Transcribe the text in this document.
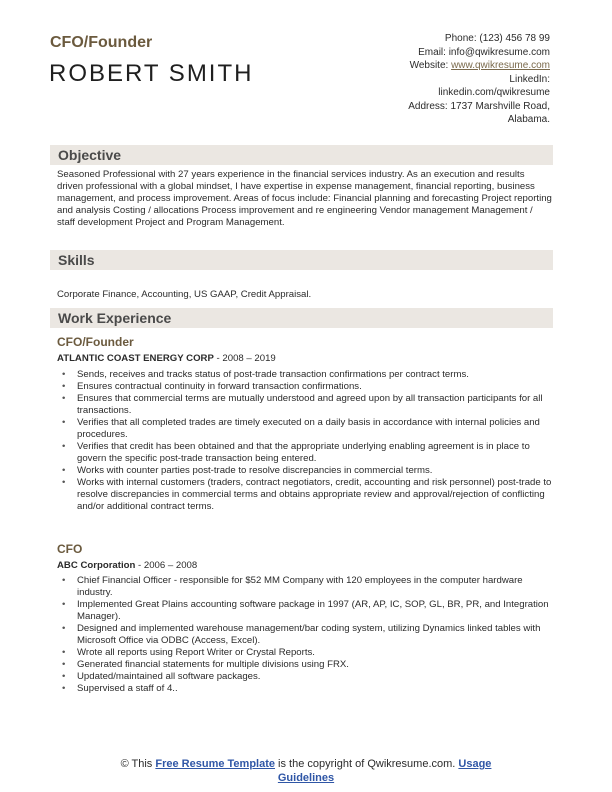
CFO/Founder
ROBERT SMITH
Phone: (123) 456 78 99
Email: info@qwikresume.com
Website: www.qwikresume.com
LinkedIn:
linkedin.com/qwikresume
Address: 1737 Marshville Road,
Alabama.
Objective
Seasoned Professional with 27 years experience in the financial services industry. As an execution and results driven professional with a global mindset, I have expertise in expense management, financial reporting, business management, and process improvement. Areas of focus include: Financial planning and forecasting Project reporting and analysis Costing / allocations Process improvement and re engineering Vendor management Management / staff development Project and Program Management.
Skills
Corporate Finance, Accounting, US GAAP, Credit Appraisal.
Work Experience
CFO/Founder
ATLANTIC COAST ENERGY CORP - 2008 – 2019
• Sends, receives and tracks status of post-trade transaction confirmations per contract terms.
• Ensures contractual continuity in forward transaction confirmations.
• Ensures that commercial terms are mutually understood and agreed upon by all transaction participants for all transactions.
• Verifies that all completed trades are timely executed on a daily basis in accordance with internal policies and procedures.
• Verifies that credit has been obtained and that the appropriate underlying enabling agreement is in place to govern the specific post-trade transaction being entered.
• Works with counter parties post-trade to resolve discrepancies in commercial terms.
• Works with internal customers (traders, contract negotiators, credit, accounting and risk personnel) post-trade to resolve discrepancies in commercial terms and obtains appropriate review and approval/rejection of conflicting and/or additional contract terms.
CFO
ABC Corporation - 2006 – 2008
• Chief Financial Officer - responsible for $52 MM Company with 120 employees in the computer hardware industry.
• Implemented Great Plains accounting software package in 1997 (AR, AP, IC, SOP, GL, BR, PR, and Integration Manager).
• Designed and implemented warehouse management/bar coding system, utilizing Dynamics linked tables with Microsoft Office via ODBC (Access, Excel).
• Wrote all reports using Report Writer or Crystal Reports.
• Generated financial statements for multiple divisions using FRX.
• Updated/maintained all software packages.
• Supervised a staff of 4..
© This Free Resume Template is the copyright of Qwikresume.com. Usage
Guidelines
